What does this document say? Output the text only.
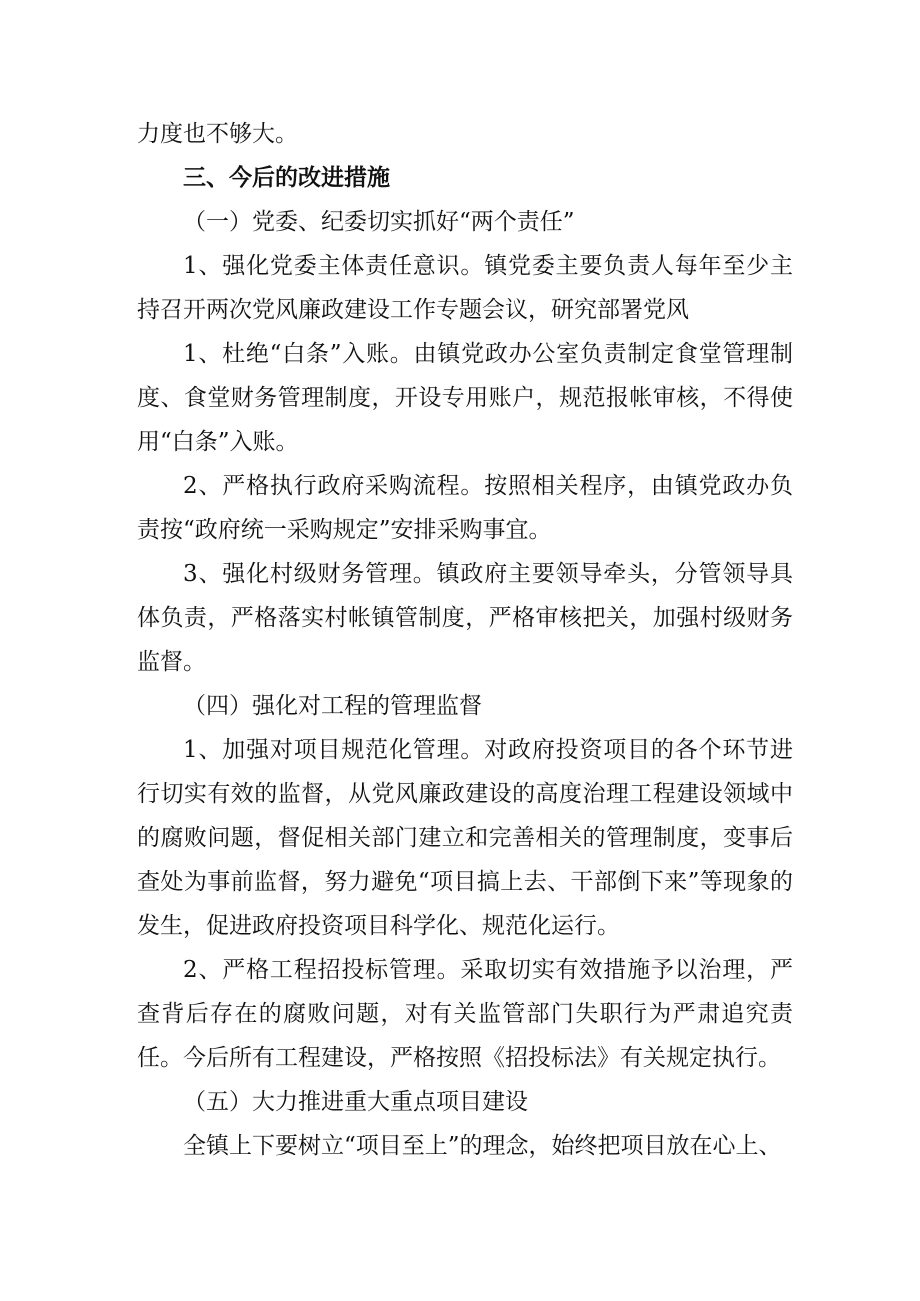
力度也不够大。

三、今后的改进措施

（一）党委、纪委切实抓好“两个责任”

1、强化党委主体责任意识。镇党委主要负责人每年至少主持召开两次党风廉政建设工作专题会议，研究部署党风

1、杜绝“白条”入账。由镇党政办公室负责制定食堂管理制度、食堂财务管理制度，开设专用账户，规范报帐审核，不得使用“白条”入账。

2、严格执行政府采购流程。按照相关程序，由镇党政办负责按“政府统一采购规定”安排采购事宜。

3、强化村级财务管理。镇政府主要领导牵头，分管领导具体负责，严格落实村帐镇管制度，严格审核把关，加强村级财务监督。

（四）强化对工程的管理监督

1、加强对项目规范化管理。对政府投资项目的各个环节进行切实有效的监督，从党风廉政建设的高度治理工程建设领域中的腐败问题，督促相关部门建立和完善相关的管理制度，变事后查处为事前监督，努力避免“项目搞上去、干部倒下来”等现象的发生，促进政府投资项目科学化、规范化运行。

2、严格工程招投标管理。采取切实有效措施予以治理，严查背后存在的腐败问题，对有关监管部门失职行为严肃追究责任。今后所有工程建设，严格按照《招投标法》有关规定执行。

（五）大力推进重大重点项目建设

全镇上下要树立“项目至上”的理念，始终把项目放在心上、
